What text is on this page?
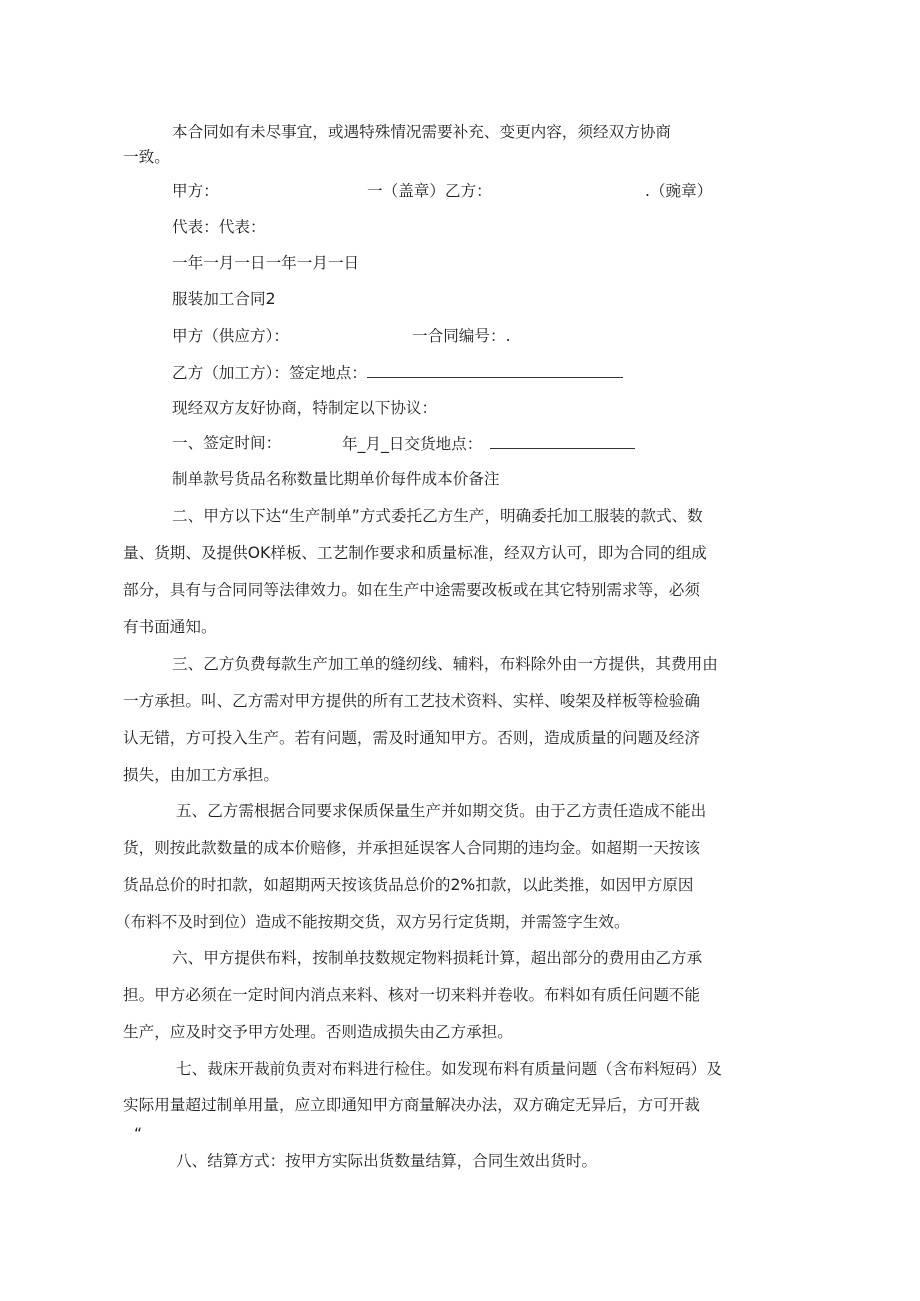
本合同如有未尽事宜，或遇特殊情况需要补充、变更内容，须经双方协商
一致。
甲方：	一（盖章）乙方：	.（豌章）
代表：代表：
一年一月一日一年一月一日
服装加工合同2
甲方（供应方）：	一合同编号：.
乙方（加工方）：签定地点：
现经双方友好协商，特制定以下协议：
一、签定时间：	年_月_日交货地点：
制单款号货品名称数量比期单价每件成本价备注
二、甲方以下达“生产制单”方式委托乙方生产，明确委托加工服装的款式、数
量、货期、及提供OK样板、工艺制作要求和质量标准，经双方认可，即为合同的组成
部分，具有与合同同等法律效力。如在生产中途需要改板或在其它特别需求等，必须
有书面通知。
三、乙方负费每款生产加工单的缝纫线、辅料，布料除外由一方提供，其费用由
一方承担。叫、乙方需对甲方提供的所有工艺技术资料、实样、唆架及样板等检验确
认无错，方可投入生产。若有问题，需及时通知甲方。否则，造成质量的问题及经济
损失，由加工方承担。
五、乙方需根据合同要求保质保量生产并如期交货。由于乙方责任造成不能出
货，则按此款数量的成本价赔修，并承担延误客人合同期的违均金。如超期一天按该
货品总价的时扣款，如超期两天按该货品总价的2%扣款，以此类推，如因甲方原因
（布料不及时到位）造成不能按期交货，双方另行定货期，并需签字生效。
六、甲方提供布料，按制单技数规定物料损耗计算，超出部分的费用由乙方承
担。甲方必须在一定时间内消点来料、核对一切来料并卷收。布料如有质任问题不能
生产，应及时交予甲方处理。否则造成损失由乙方承担。
七、裁床开裁前负责对布料进行检住。如发现布料有质量问题（含布料短码）及
实际用量超过制单用量，应立即通知甲方商量解决办法，双方确定无异后，方可开裁
“
八、结算方式：按甲方实际出货数量结算，合同生效出货时。
